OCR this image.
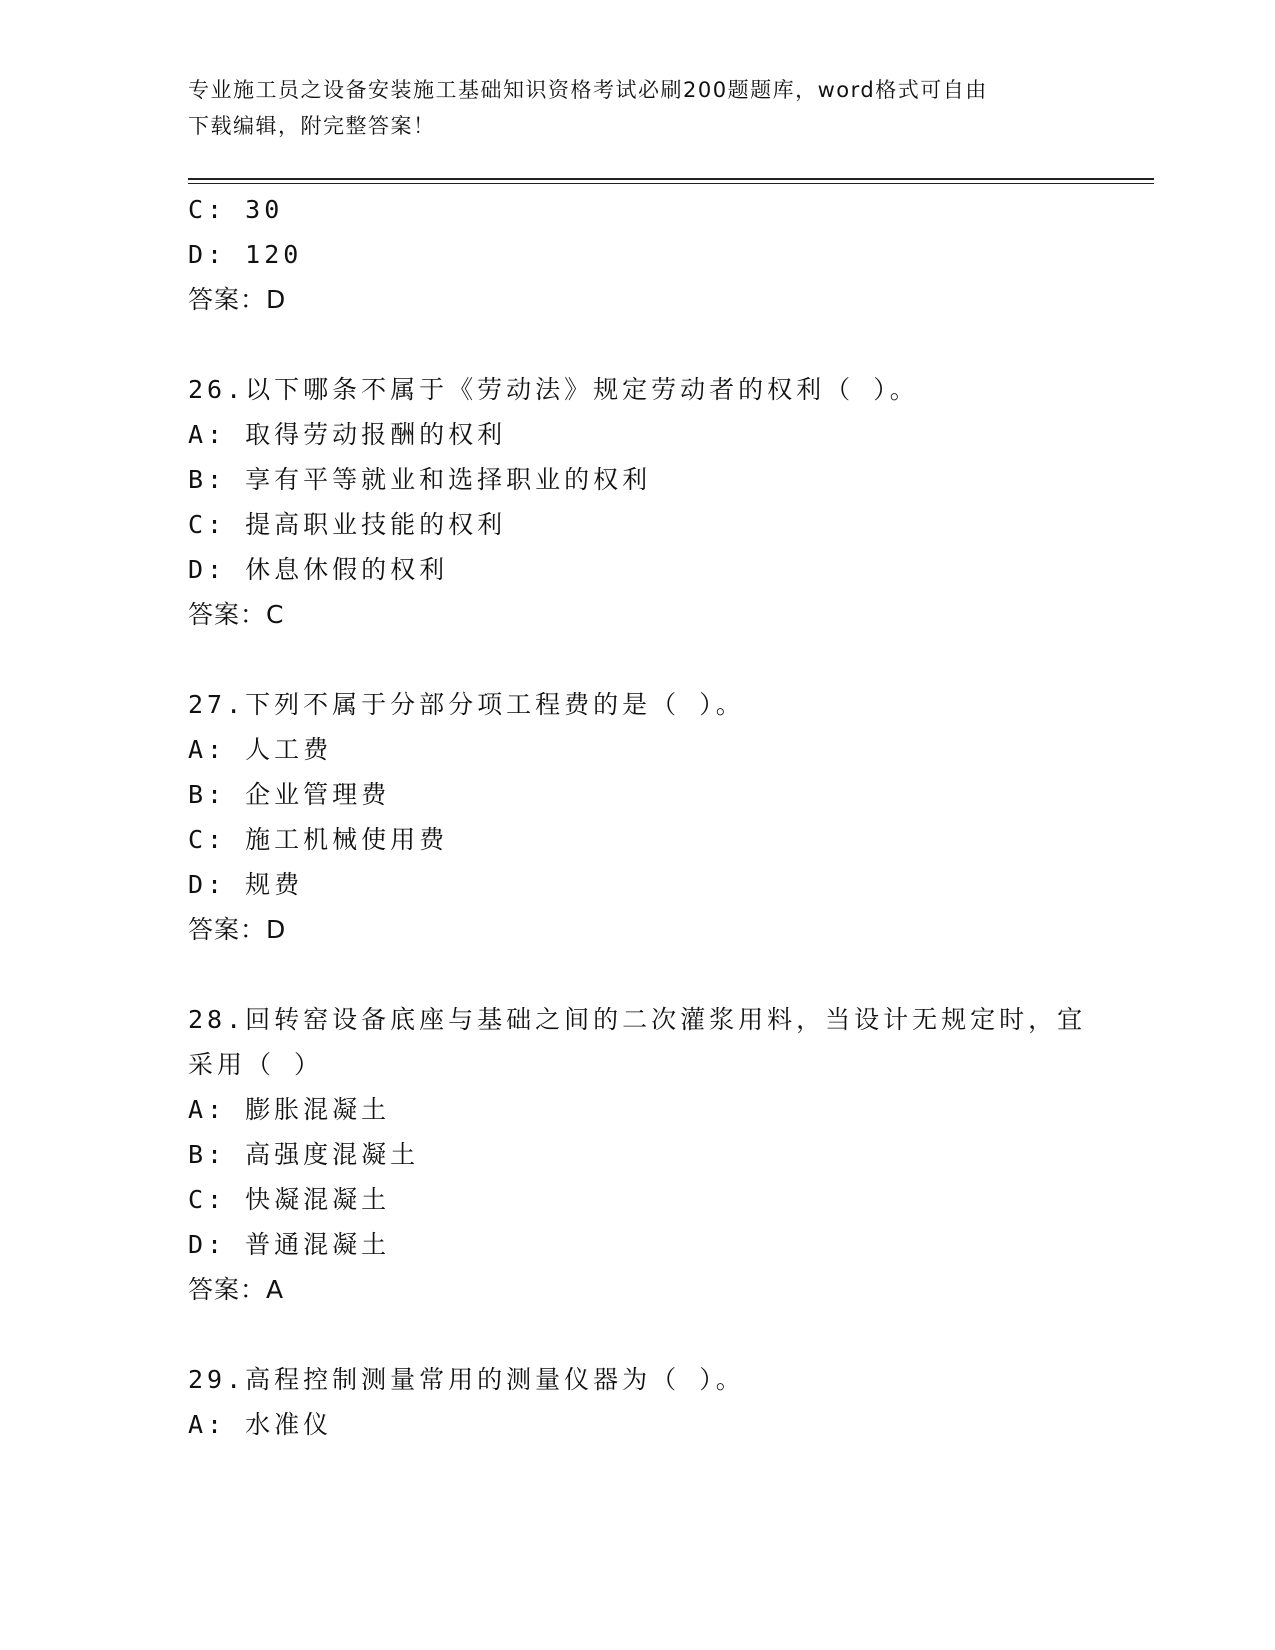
专业施工员之设备安装施工基础知识资格考试必刷200题题库，word格式可自由
下载编辑，附完整答案！
C: 30
D: 120
答案：D
26.以下哪条不属于《劳动法》规定劳动者的权利（ ）。
A: 取得劳动报酬的权利
B: 享有平等就业和选择职业的权利
C: 提高职业技能的权利
D: 休息休假的权利
答案：C
27.下列不属于分部分项工程费的是（ ）。
A: 人工费
B: 企业管理费
C: 施工机械使用费
D: 规费
答案：D
28.回转窑设备底座与基础之间的二次灌浆用料，当设计无规定时，宜
采用（ ）
A: 膨胀混凝土
B: 高强度混凝土
C: 快凝混凝土
D: 普通混凝土
答案：A
29.高程控制测量常用的测量仪器为（ ）。
A: 水准仪
